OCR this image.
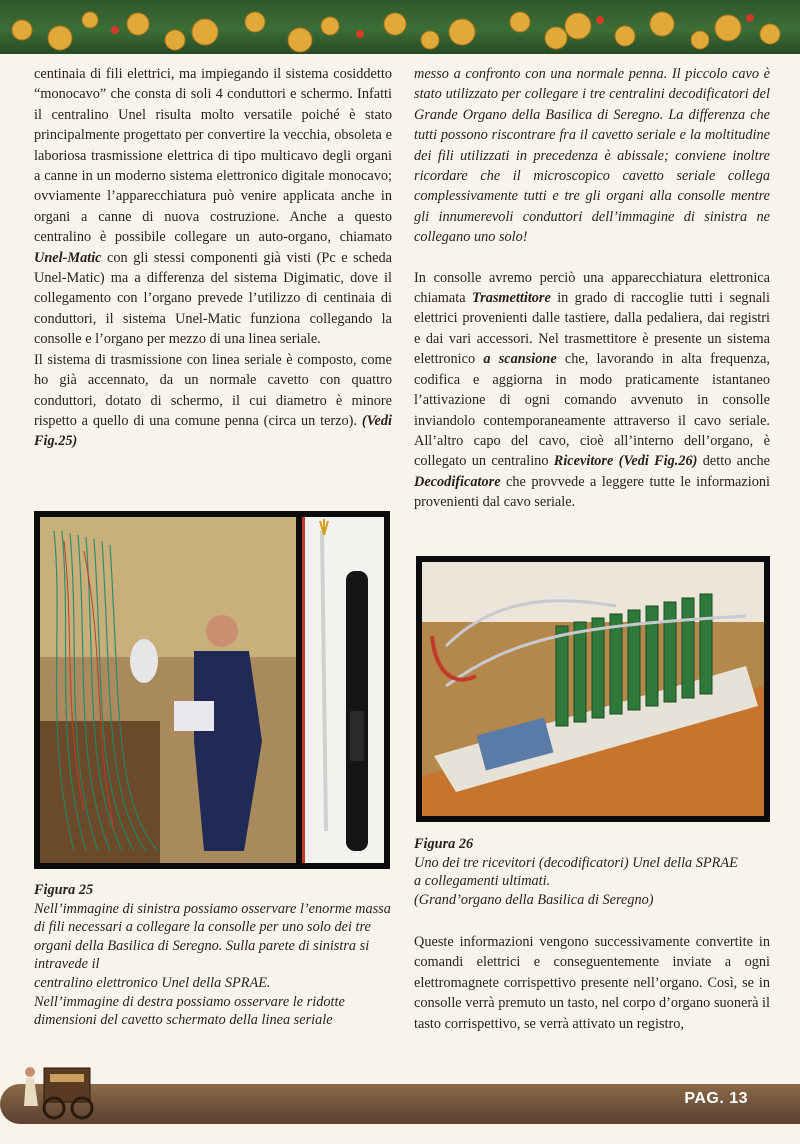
centinaia di fili elettrici, ma impiegando il sistema cosiddetto “monocavo” che consta di soli 4 conduttori e schermo. Infatti il centralino Unel risulta molto versatile poiché è stato principalmente progettato per convertire la vecchia, obsoleta e laboriosa trasmissione elettrica di tipo multicavo degli organi a canne in un moderno sistema elettronico digitale monocavo; ovviamente l’apparecchiatura può venire applicata anche in organi a canne di nuova costruzione. Anche a questo centralino è possibile collegare un auto-organo, chiamato Unel-Matic con gli stessi componenti già visti (Pc e scheda Unel-Matic) ma a differenza del sistema Digimatic, dove il collegamento con l’organo prevede l’utilizzo di centinaia di conduttori, il sistema Unel-Matic funziona collegando la consolle e l’organo per mezzo di una linea seriale.

Il sistema di trasmissione con linea seriale è composto, come ho già accennato, da un normale cavetto con quattro conduttori, dotato di schermo, il cui diametro è minore rispetto a quello di una comune penna (circa un terzo). (Vedi Fig.25)

messo a confronto con una normale penna. Il piccolo cavo è stato utilizzato per collegare i tre centralini decodificatori del Grande Organo della Basilica di Seregno. La differenza che tutti possono riscontrare fra il cavetto seriale e la moltitudine dei fili utilizzati in precedenza è abissale; conviene inoltre ricordare che il microscopico cavetto seriale collega complessivamente tutti e tre gli organi alla consolle mentre gli innumerevoli conduttori dell’immagine di sinistra ne collegano uno solo!

In consolle avremo perciò una apparecchiatura elettronica chiamata Trasmettitore in grado di raccoglie tutti i segnali elettrici provenienti dalle tastiere, dalla pedaliera, dai registri e dai vari accessori. Nel trasmettitore è presente un sistema elettronico a scansione che, lavorando in alta frequenza, codifica e aggiorna in modo praticamente istantaneo l’attivazione di ogni comando avvenuto in consolle inviandolo contemporaneamente attraverso il cavo seriale. All’altro capo del cavo, cioè all’interno dell’organo, è collegato un centralino Ricevitore (Vedi Fig.26) detto anche Decodificatore che provvede a leggere tutte le informazioni provenienti dal cavo seriale.

Queste informazioni vengono successivamente convertite in comandi elettrici e conseguentemente inviate a ogni elettromagnete corrispettivo presente nell’organo. Così, se in consolle verrà premuto un tasto, nel corpo d’organo suonerà il tasto corrispettivo, se verrà attivato un registro,

Figura 25
Nell’immagine di sinistra possiamo osservare l’enorme massa di fili necessari a collegare la consolle per uno solo dei tre organi della Basilica di Seregno. Sulla parete di sinistra si intravede il
centralino elettronico Unel della SPRAE.
Nell’immagine di destra possiamo osservare le ridotte dimensioni del cavetto schermato della linea seriale
Figura 26
Uno dei tre ricevitori (decodificatori) Unel della SPRAE
a collegamenti ultimati.
(Grand’organo della Basilica di Seregno)
PAG. 13
